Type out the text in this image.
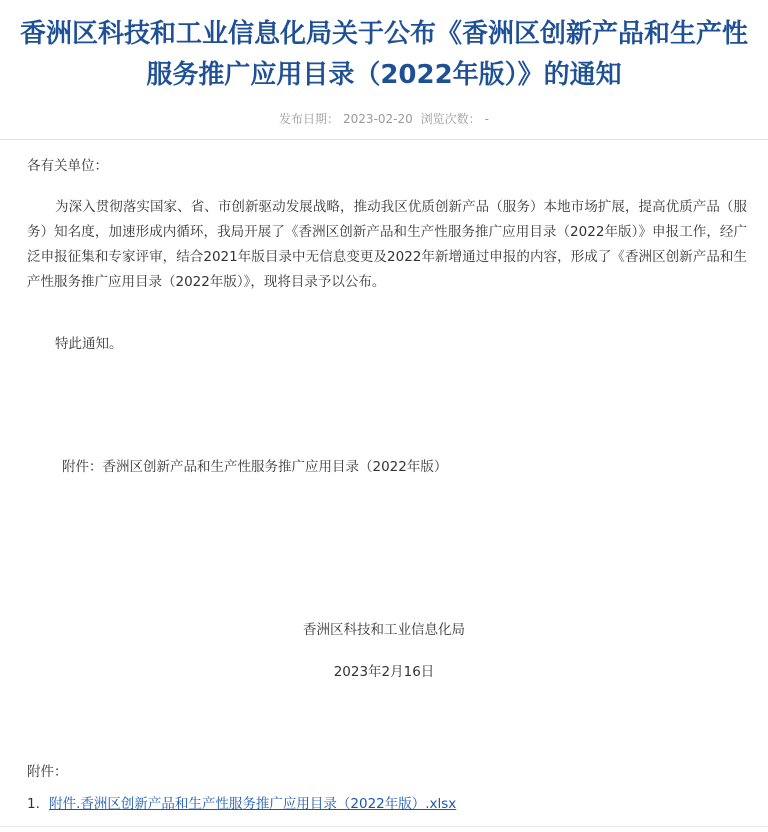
香洲区科技和工业信息化局关于公布《香洲区创新产品和生产性服务推广应用目录（2022年版）》的通知
发布日期： 2023-02-20 浏览次数： -

各有关单位：

为深入贯彻落实国家、省、市创新驱动发展战略，推动我区优质创新产品（服务）本地市场扩展，提高优质产品（服务）知名度，加速形成内循环，我局开展了《香洲区创新产品和生产性服务推广应用目录（2022年版）》申报工作，经广泛申报征集和专家评审，结合2021年版目录中无信息变更及2022年新增通过申报的内容，形成了《香洲区创新产品和生产性服务推广应用目录（2022年版）》，现将目录予以公布。

特此通知。

附件：香洲区创新产品和生产性服务推广应用目录（2022年版）

香洲区科技和工业信息化局

2023年2月16日

附件：

1．附件.香洲区创新产品和生产性服务推广应用目录（2022年版）.xlsx
